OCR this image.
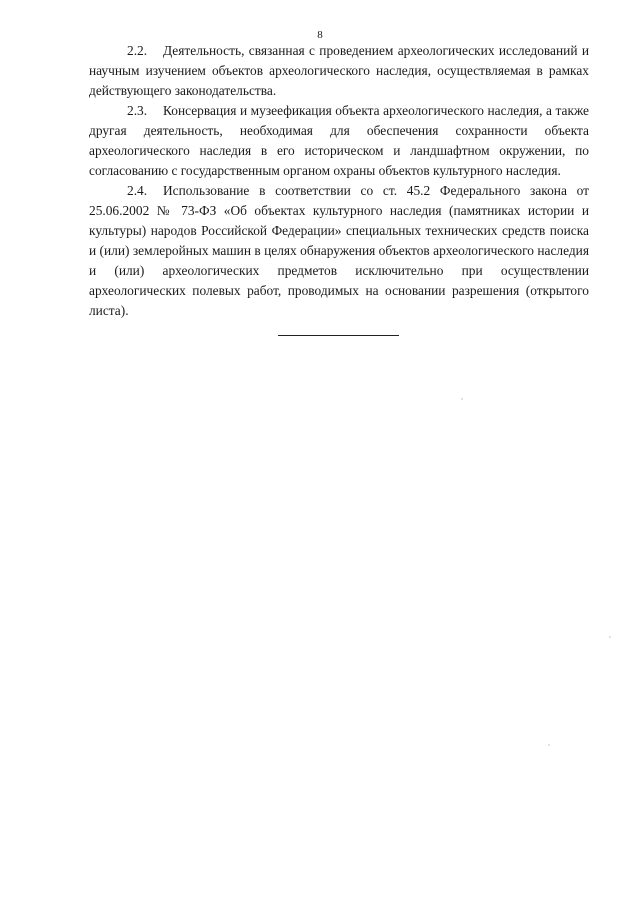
8

2.2. Деятельность, связанная с проведением археологических исследований и научным изучением объектов археологического наследия, осуществляемая в рамках действующего законодательства.

2.3. Консервация и музеефикация объекта археологического наследия, а также другая деятельность, необходимая для обеспечения сохранности объекта археологического наследия в его историческом и ландшафтном окружении, по согласованию с государственным органом охраны объектов культурного наследия.

2.4. Использование в соответствии со ст. 45.2 Федерального закона от 25.06.2002 № 73-ФЗ «Об объектах культурного наследия (памятниках истории и культуры) народов Российской Федерации» специальных технических средств поиска и (или) землеройных машин в целях обнаружения объектов археологического наследия и (или) археологических предметов исключительно при осуществлении археологических полевых работ, проводимых на основании разрешения (открытого листа).
